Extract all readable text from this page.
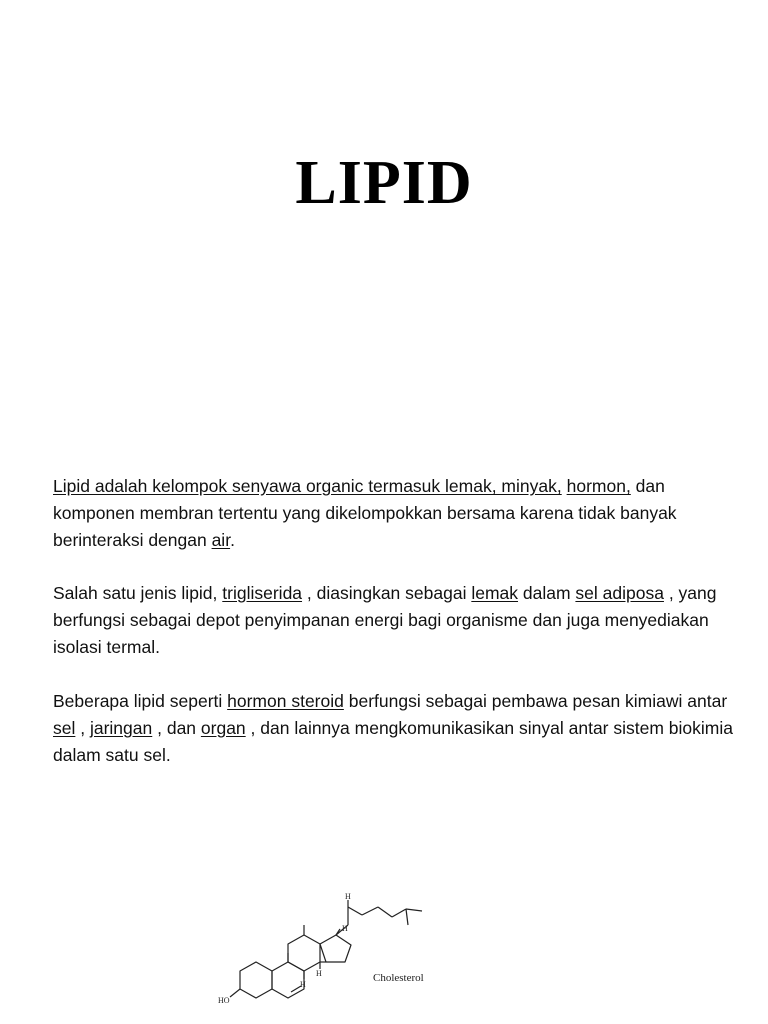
LIPID

Lipid adalah kelompok senyawa organic termasuk lemak, minyak, hormon, dan komponen membran tertentu yang dikelompokkan bersama karena tidak banyak berinteraksi dengan air.

Salah satu jenis lipid, trigliserida , diasingkan sebagai lemak dalam sel adiposa , yang berfungsi sebagai depot penyimpanan energi bagi organisme dan juga menyediakan isolasi termal.

Beberapa lipid seperti hormon steroid berfungsi sebagai pembawa pesan kimiawi antar sel , jaringan , dan organ , dan lainnya mengkomunikasikan sinyal antar sistem biokimia dalam satu sel.

HO
H
H
H
H
Cholesterol
